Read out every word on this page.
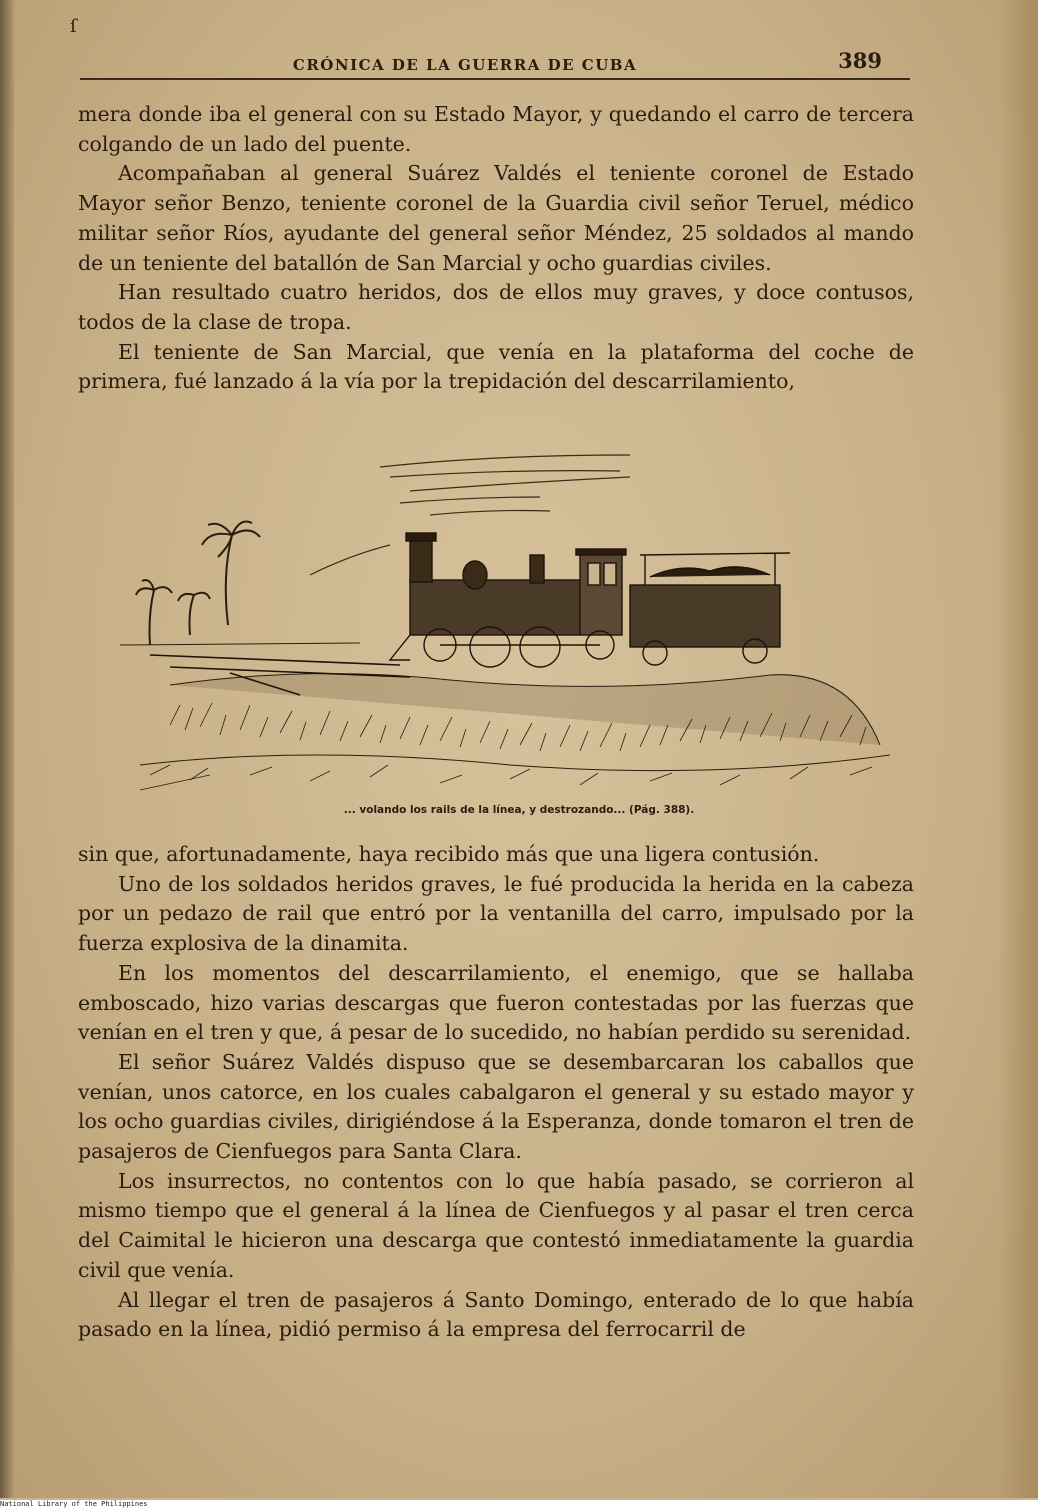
ſ
CRÓNICA DE LA GUERRA DE CUBA	389

mera donde iba el general con su Estado Mayor, y quedando el carro de tercera colgando de un lado del puente.

Acompañaban al general Suárez Valdés el teniente coronel de Estado Mayor señor Benzo, teniente coronel de la Guardia civil señor Teruel, médico militar señor Ríos, ayudante del general señor Méndez, 25 soldados al mando de un teniente del batallón de San Marcial y ocho guardias civiles.

Han resultado cuatro heridos, dos de ellos muy graves, y doce contusos, todos de la clase de tropa.

El teniente de San Marcial, que venía en la plataforma del coche de primera, fué lanzado á la vía por la trepidación del descarrilamiento,

... volando los rails de la línea, y destrozando... (Pág. 388).

sin que, afortunadamente, haya recibido más que una ligera contusión.

Uno de los soldados heridos graves, le fué producida la herida en la cabeza por un pedazo de rail que entró por la ventanilla del carro, impulsado por la fuerza explosiva de la dinamita.

En los momentos del descarrilamiento, el enemigo, que se hallaba emboscado, hizo varias descargas que fueron contestadas por las fuerzas que venían en el tren y que, á pesar de lo sucedido, no habían perdido su serenidad.

El señor Suárez Valdés dispuso que se desembarcaran los caballos que venían, unos catorce, en los cuales cabalgaron el general y su estado mayor y los ocho guardias civiles, dirigiéndose á la Esperanza, donde tomaron el tren de pasajeros de Cienfuegos para Santa Clara.

Los insurrectos, no contentos con lo que había pasado, se corrieron al mismo tiempo que el general á la línea de Cienfuegos y al pasar el tren cerca del Caimital le hicieron una descarga que contestó inmediatamente la guardia civil que venía.

Al llegar el tren de pasajeros á Santo Domingo, enterado de lo que había pasado en la línea, pidió permiso á la empresa del ferrocarril de

National Library of the Philippines
